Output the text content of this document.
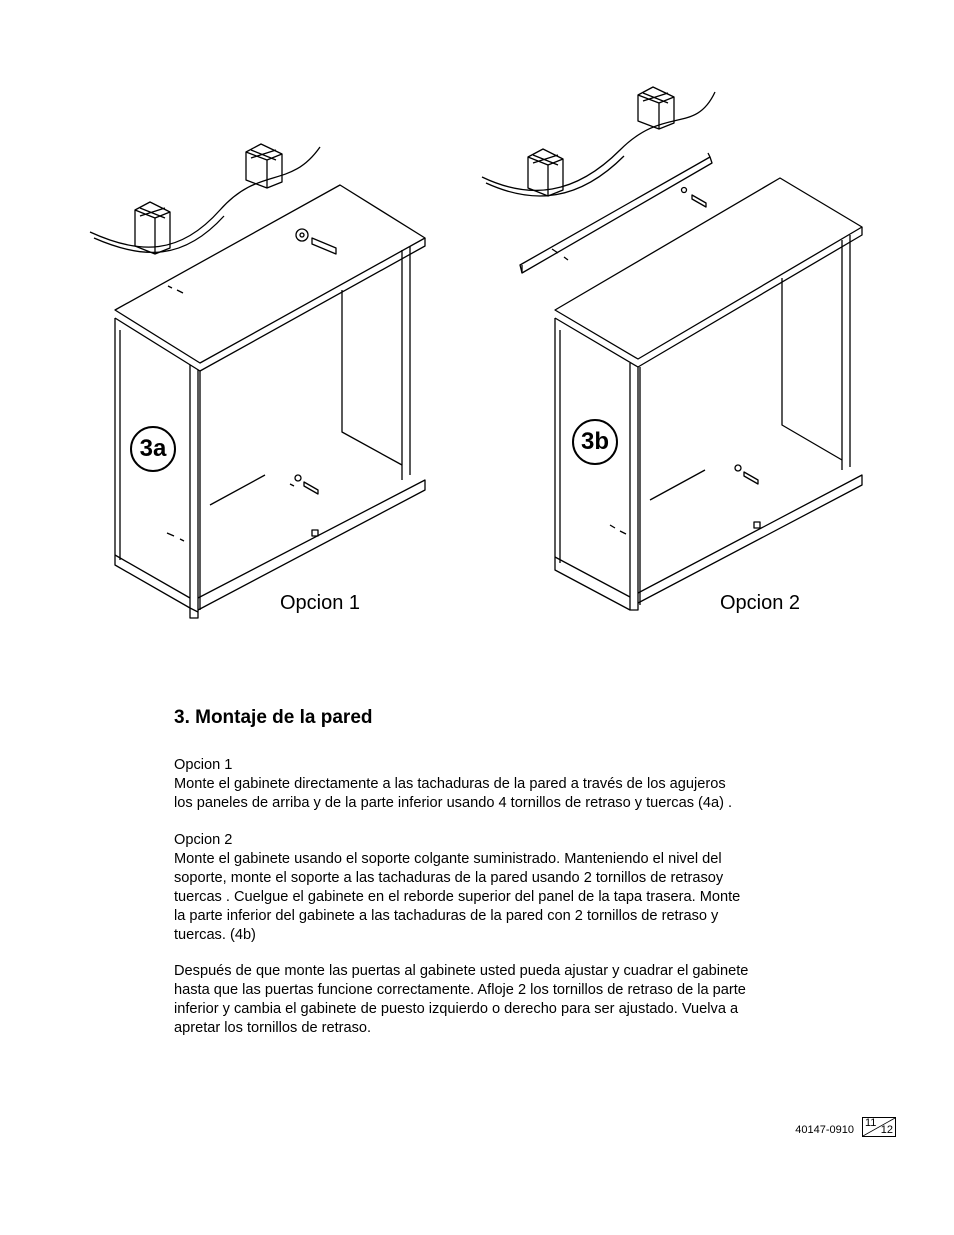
3a
Opcion 1
3b
Opcion 2
3. Montaje de la pared
Opcion 1
Monte el gabinete directamente a las tachaduras de la pared a través de los agujeros
los paneles de arriba y de la parte inferior usando 4 tornillos de retraso y tuercas (4a) .
Opcion 2
Monte el gabinete usando el soporte colgante suministrado. Manteniendo el nivel del
soporte, monte el soporte a las tachaduras de la pared usando 2 tornillos de retrasoy
tuercas . Cuelgue el gabinete en el reborde superior del panel de la tapa trasera. Monte
la parte inferior del gabinete a las tachaduras de la pared con 2 tornillos de retraso y
tuercas. (4b)
Después de que monte las puertas al gabinete usted pueda ajustar y cuadrar el gabinete
hasta que las puertas funcione correctamente. Afloje 2 los tornillos de retraso de la parte
inferior y cambia el gabinete de puesto izquierdo o derecho para ser ajustado. Vuelva a
apretar los tornillos de retraso.
40147-0910
11
12
